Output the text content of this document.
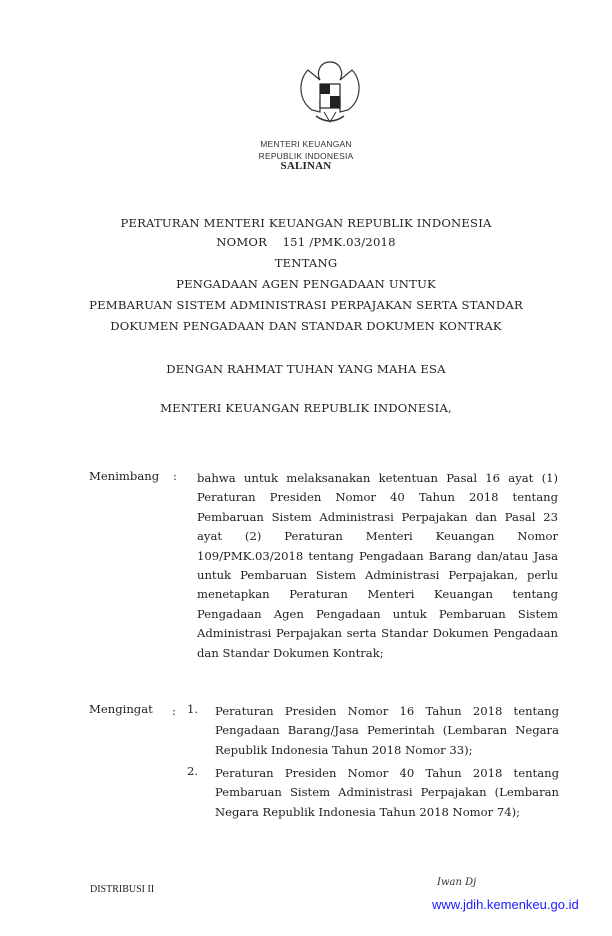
MENTERI KEUANGAN
REPUBLIK INDONESIA
SALINAN
PERATURAN MENTERI KEUANGAN REPUBLIK INDONESIA
NOMOR    151 /PMK.03/2018
TENTANG
PENGADAAN AGEN PENGADAAN UNTUK
PEMBARUAN SISTEM ADMINISTRASI PERPAJAKAN SERTA STANDAR
DOKUMEN PENGADAAN DAN STANDAR DOKUMEN KONTRAK
DENGAN RAHMAT TUHAN YANG MAHA ESA
MENTERI KEUANGAN REPUBLIK INDONESIA,
Menimbang : bahwa untuk melaksanakan ketentuan Pasal 16 ayat (1) Peraturan Presiden Nomor 40 Tahun 2018 tentang Pembaruan Sistem Administrasi Perpajakan dan Pasal 23 ayat (2) Peraturan Menteri Keuangan Nomor 109/PMK.03/2018 tentang Pengadaan Barang dan/atau Jasa untuk Pembaruan Sistem Administrasi Perpajakan, perlu menetapkan Peraturan Menteri Keuangan tentang Pengadaan Agen Pengadaan untuk Pembaruan Sistem Administrasi Perpajakan serta Standar Dokumen Pengadaan dan Standar Dokumen Kontrak;
Mengingat : 1. Peraturan Presiden Nomor 16 Tahun 2018 tentang Pengadaan Barang/Jasa Pemerintah (Lembaran Negara Republik Indonesia Tahun 2018 Nomor 33);
2. Peraturan Presiden Nomor 40 Tahun 2018 tentang Pembaruan Sistem Administrasi Perpajakan (Lembaran Negara Republik Indonesia Tahun 2018 Nomor 74);
DISTRIBUSI II
Iwan Dj
www.jdih.kemenkeu.go.id
